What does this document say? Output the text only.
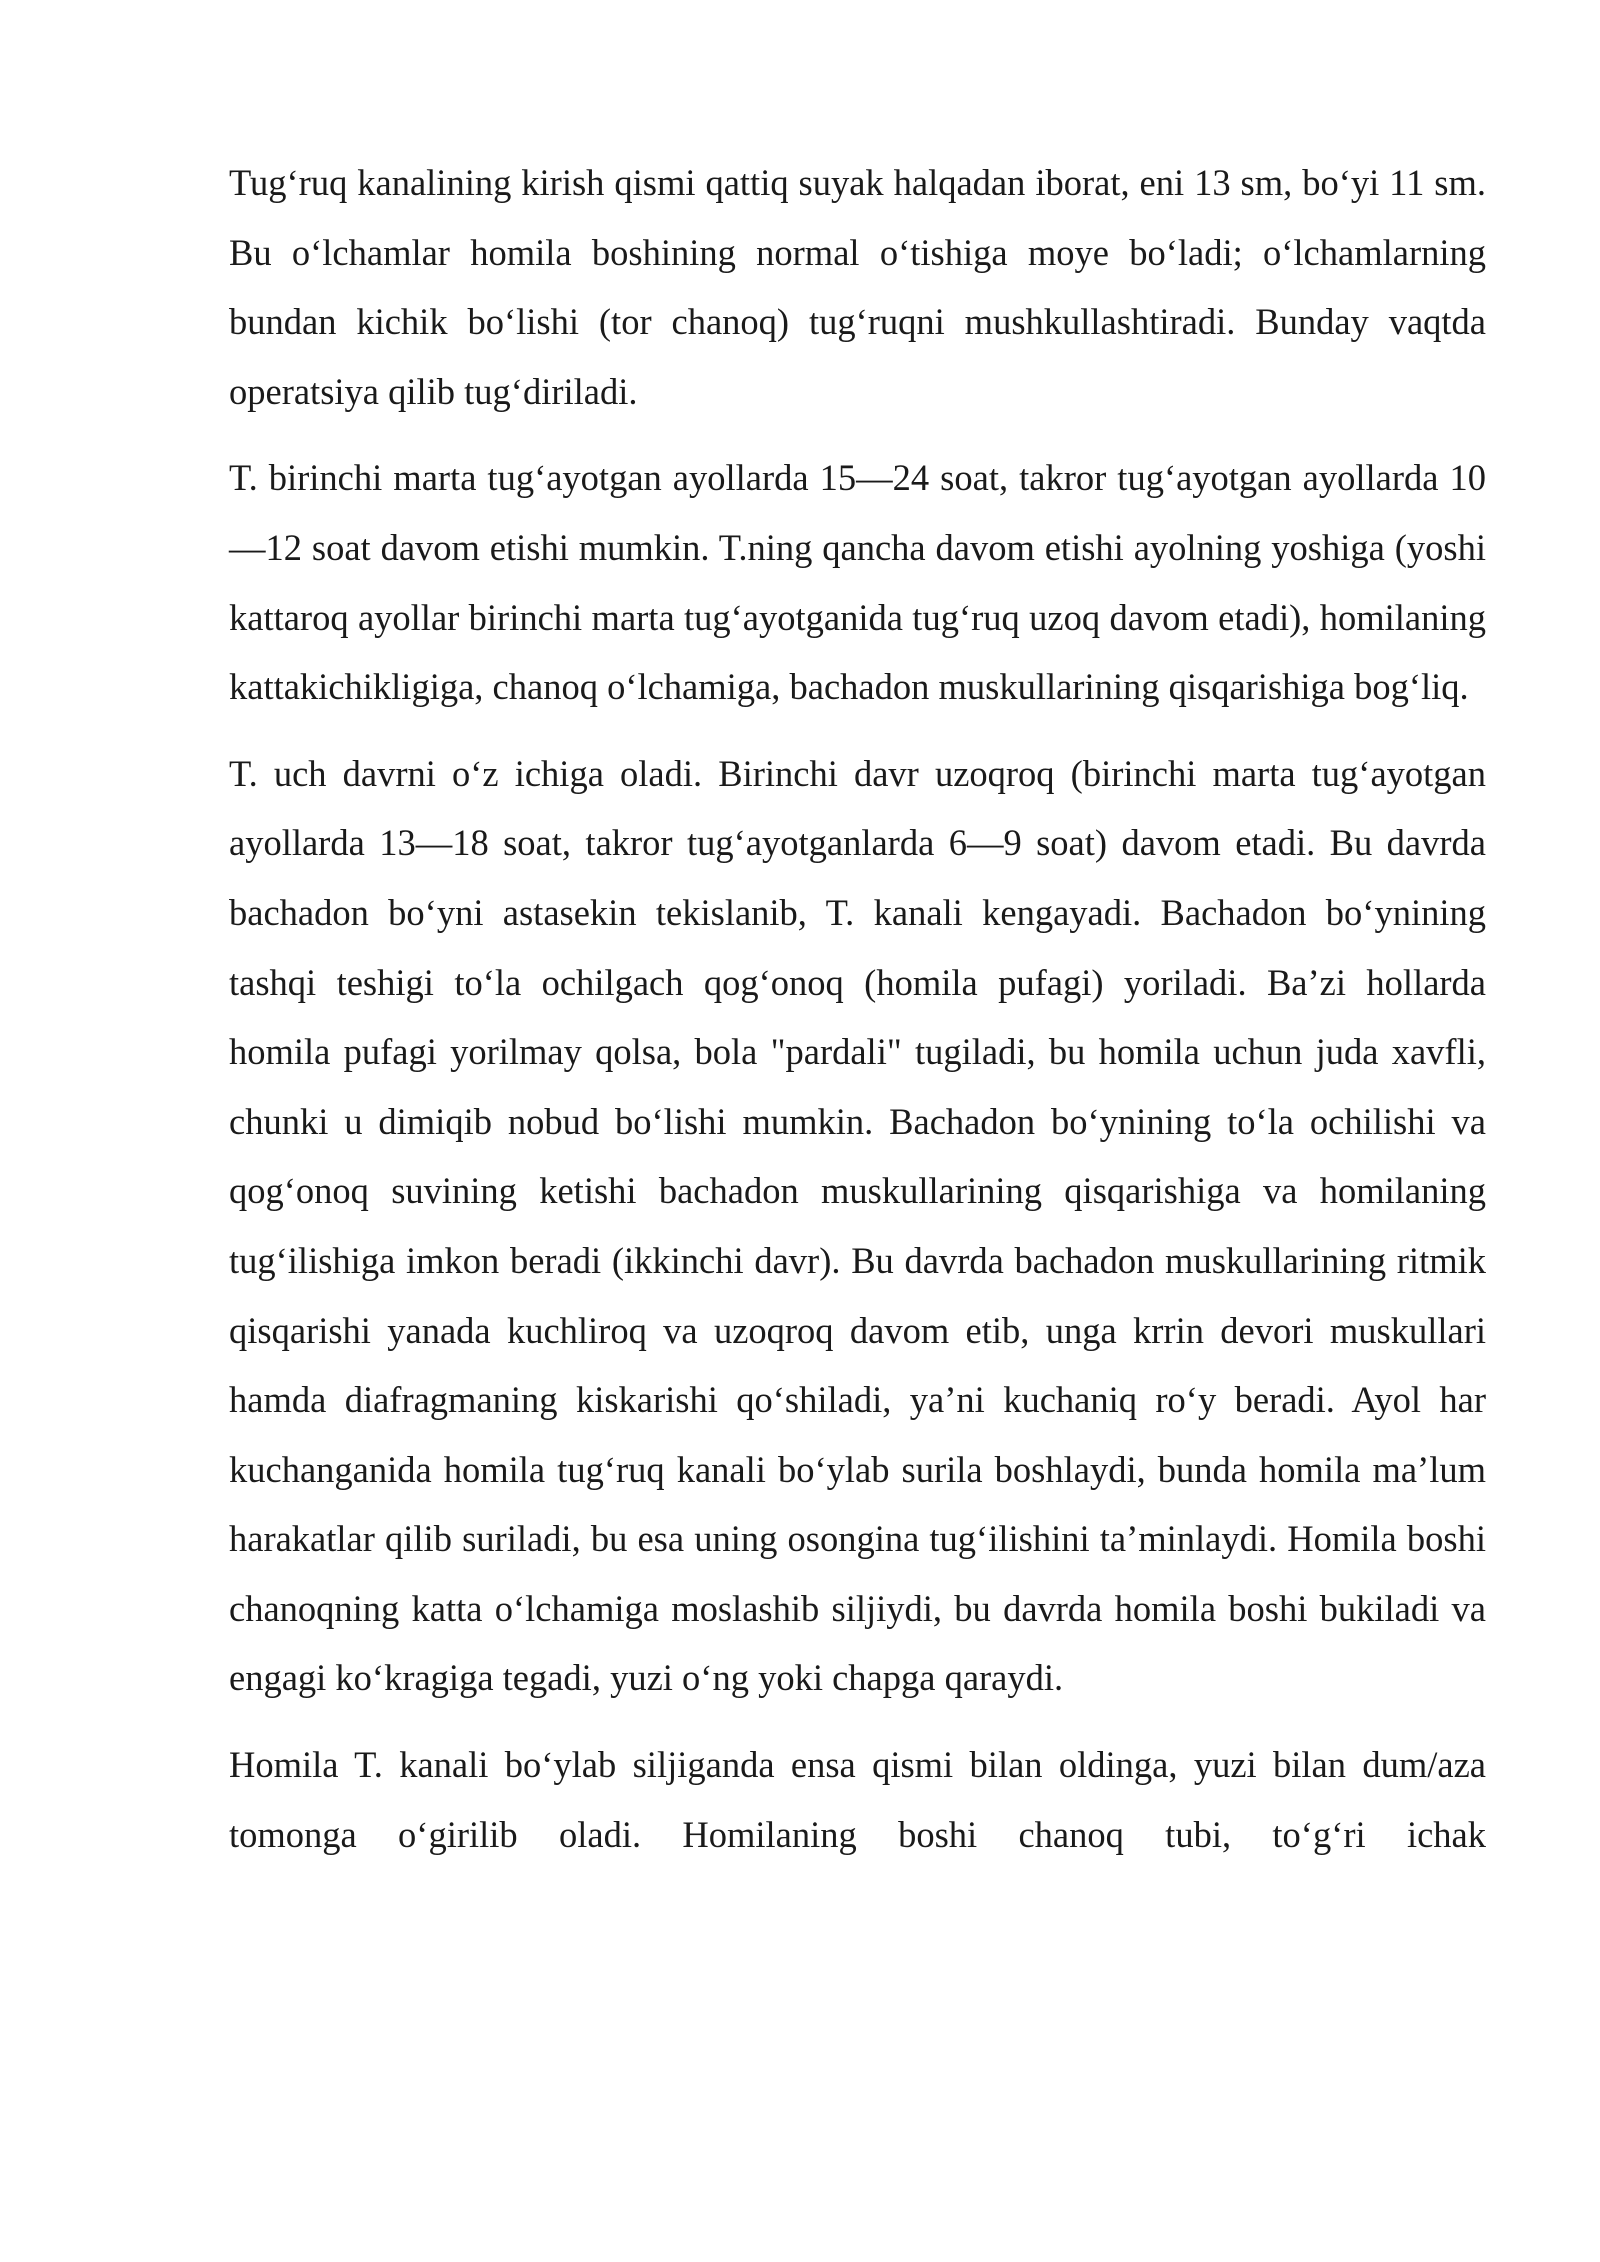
Tug‘ruq kanalining kirish qismi qattiq suyak halqadan iborat, eni 13 sm, bo‘yi 11 sm. Bu o‘lchamlar homila boshining normal o‘tishiga moye bo‘ladi; o‘lchamlarning bundan kichik bo‘lishi (tor chanoq) tug‘ruqni mushkullashtiradi. Bunday vaqtda operatsiya qilib tug‘diriladi.

T. birinchi marta tug‘ayotgan ayollarda 15—24 soat, takror tug‘ayotgan ayollarda 10—12 soat davom etishi mumkin. T.ning qancha davom etishi ayolning yoshiga (yoshi kattaroq ayollar birinchi marta tug‘ayotganida tug‘ruq uzoq davom etadi), homilaning kattakichikligiga, chanoq o‘lchamiga, bachadon muskullarining qisqarishiga bog‘liq.

T. uch davrni o‘z ichiga oladi. Birinchi davr uzoqroq (birinchi marta tug‘ayotgan ayollarda 13—18 soat, takror tug‘ayotganlarda 6—9 soat) davom etadi. Bu davrda bachadon bo‘yni astasekin tekislanib, T. kanali kengayadi. Bachadon bo‘ynining tashqi teshigi to‘la ochilgach qog‘onoq (homila pufagi) yoriladi. Ba’zi hollarda homila pufagi yorilmay qolsa, bola "pardali" tugiladi, bu homila uchun juda xavfli, chunki u dimiqib nobud bo‘lishi mumkin. Bachadon bo‘ynining to‘la ochilishi va qog‘onoq suvining ketishi bachadon muskullarining qisqarishiga va homilaning tug‘ilishiga imkon beradi (ikkinchi davr). Bu davrda bachadon muskullarining ritmik qisqarishi yanada kuchliroq va uzoqroq davom etib, unga krrin devori muskullari hamda diafragmaning kiskarishi qo‘shiladi, ya’ni kuchaniq ro‘y beradi. Ayol har kuchanganida homila tug‘ruq kanali bo‘ylab surila boshlaydi, bunda homila ma’lum harakatlar qilib suriladi, bu esa uning osongina tug‘ilishini ta’minlaydi. Homila boshi chanoqning katta o‘lchamiga moslashib siljiydi, bu davrda homila boshi bukiladi va engagi ko‘kragiga tegadi, yuzi o‘ng yoki chapga qaraydi.

Homila T. kanali bo‘ylab siljiganda ensa qismi bilan oldinga, yuzi bilan dum/aza tomonga o‘girilib oladi. Homilaning boshi chanoq tubi, to‘g‘ri ichak
